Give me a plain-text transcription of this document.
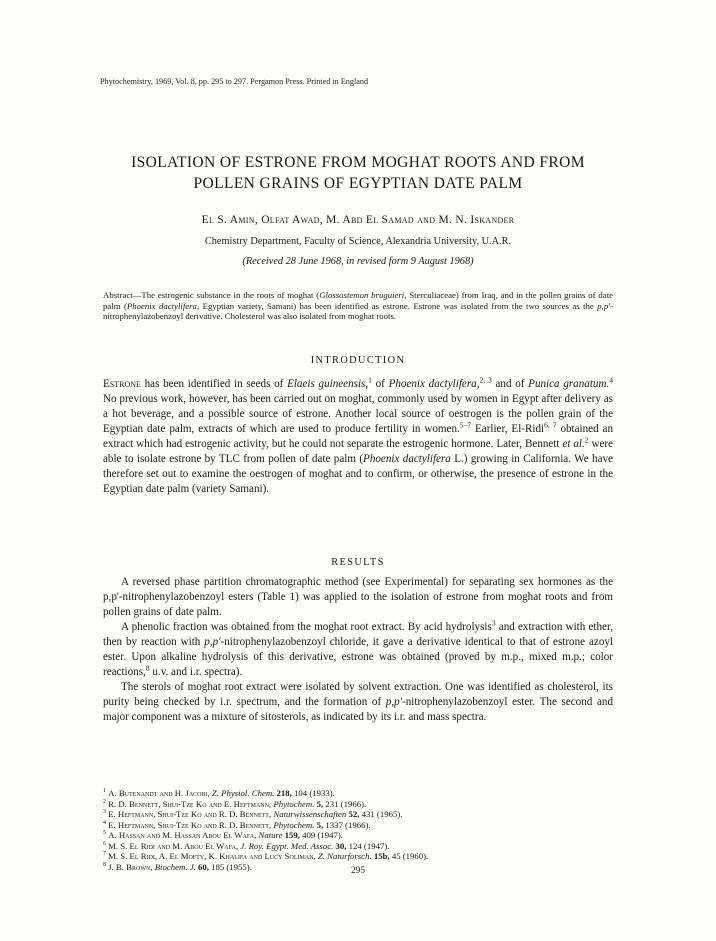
Phytochemistry, 1969, Vol. 8, pp. 295 to 297. Pergamon Press. Printed in England
ISOLATION OF ESTRONE FROM MOGHAT ROOTS AND FROM
POLLEN GRAINS OF EGYPTIAN DATE PALM
El S. Amin, Olfat Awad, M. Abd El Samad and M. N. Iskander
Chemistry Department, Faculty of Science, Alexandria University, U.A.R.
(Received 28 June 1968, in revised form 9 August 1968)
Abstract—The estrogenic substance in the roots of moghat (Glossostemon bruguieri, Sterculiaceae) from Iraq, and in the pollen grains of date palm (Phoenix dactylifera, Egyptian variety, Samani) has been identified as estrone. Estrone was isolated from the two sources as the p,p'-nitrophenylazobenzoyl derivative. Cholesterol was also isolated from moghat roots.
INTRODUCTION

Estrone has been identified in seeds of Elaeis guineensis,$^1$ of Phoenix dactylifera,$^{2, 3}$ and of Punica granatum.$^4$ No previous work, however, has been carried out on moghat, commonly used by women in Egypt after delivery as a hot beverage, and a possible source of estrone. Another local source of oestrogen is the pollen grain of the Egyptian date palm, extracts of which are used to produce fertility in women.$^{5-7}$ Earlier, El-Ridi$^{6, 7}$ obtained an extract which had estrogenic activity, but he could not separate the estrogenic hormone. Later, Bennett et al.$^2$ were able to isolate estrone by TLC from pollen of date palm (Phoenix dactylifera L.) growing in California. We have therefore set out to examine the oestrogen of moghat and to confirm, or otherwise, the presence of estrone in the Egyptian date palm (variety Samani).

RESULTS

A reversed phase partition chromatographic method (see Experimental) for separating sex hormones as the p,p'-nitrophenylazobenzoyl esters (Table 1) was applied to the isolation of estrone from moghat roots and from pollen grains of date palm.

A phenolic fraction was obtained from the moghat root extract. By acid hydrolysis$^3$ and extraction with ether, then by reaction with p,p'-nitrophenylazobenzoyl chloride, it gave a derivative identical to that of estrone azoyl ester. Upon alkaline hydrolysis of this derivative, estrone was obtained (proved by m.p., mixed m.p.; color reactions,$^8$ u.v. and i.r. spectra).

The sterols of moghat root extract were isolated by solvent extraction. One was identified as cholesterol, its purity being checked by i.r. spectrum, and the formation of p,p'-nitrophenylazobenzoyl ester. The second and major component was a mixture of sitosterols, as indicated by its i.r. and mass spectra.

$^1$ A. Butenandt and H. Jacobi, Z. Physiol. Chem. 218, 104 (1933).
$^2$ R. D. Bennett, Shui-Tze Ko and E. Heftmann, Phytochem. 5, 231 (1966).
$^3$ E. Heftmann, Shui-Tze Ko and R. D. Bennett, Naturwissenschaften 52, 431 (1965).
$^4$ E. Heftmann, Shui-Tze Ko and R. D. Bennett, Phytochem. 5, 1337 (1966).
$^5$ A. Hassan and M. Hassan Abou El Wafa, Nature 159, 409 (1947).
$^6$ M. S. El Ridi and M. Abou El Wafa, J. Roy. Egypt. Med. Assoc. 30, 124 (1947).
$^7$ M. S. El Ridi, A. El Mofty, K. Khalifa and Lucy Soliman, Z. Naturforsch. 15b, 45 (1960).
$^8$ J. B. Brown, Biochem. J. 60, 185 (1955).	295
